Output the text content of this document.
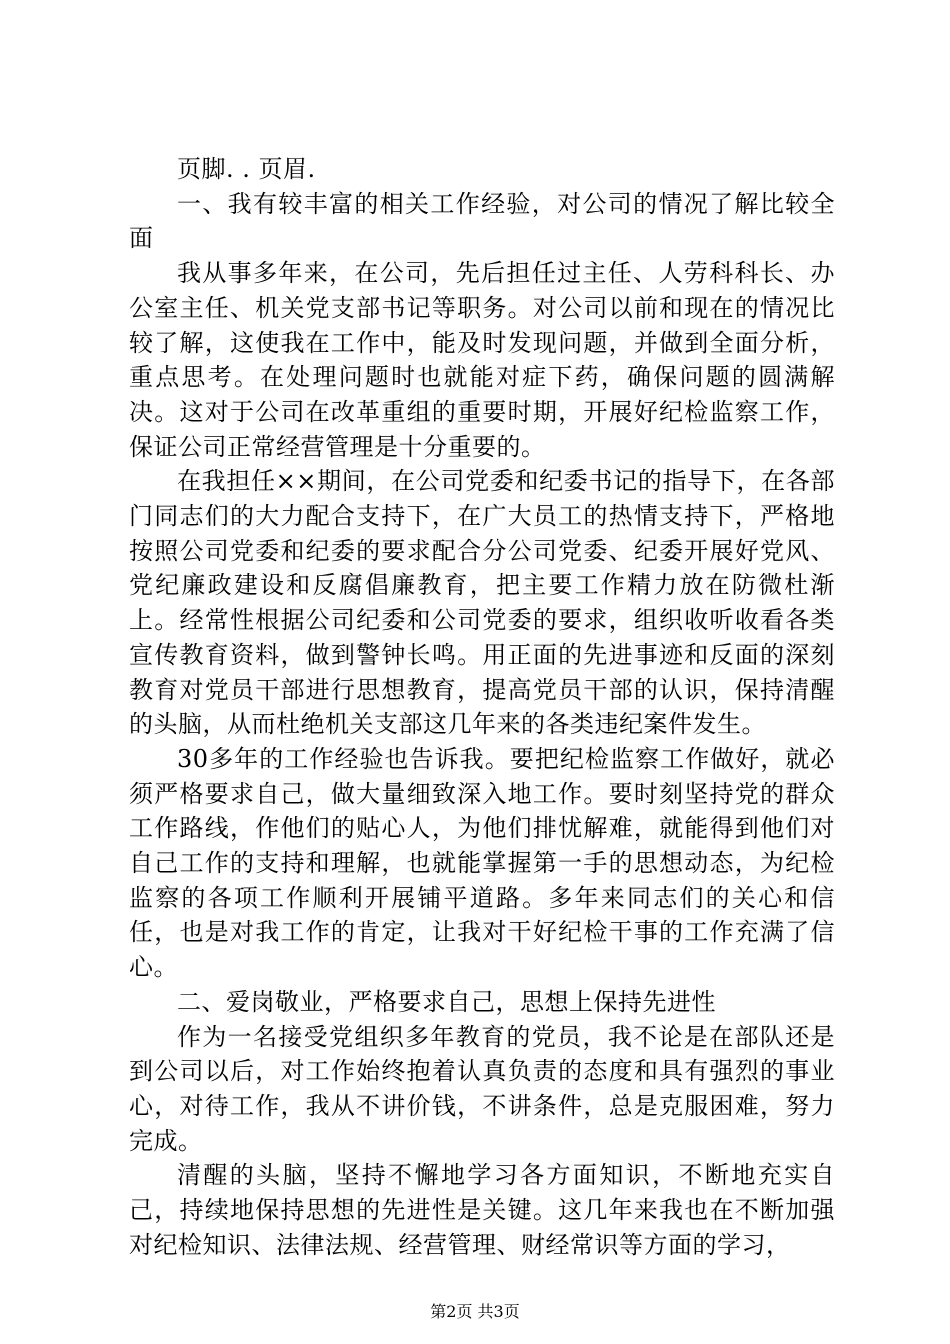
页脚. . 页眉.

一、我有较丰富的相关工作经验，对公司的情况了解比较全面

我从事多年来，在公司，先后担任过主任、人劳科科长、办公室主任、机关党支部书记等职务。对公司以前和现在的情况比较了解，这使我在工作中，能及时发现问题，并做到全面分析，重点思考。在处理问题时也就能对症下药，确保问题的圆满解决。这对于公司在改革重组的重要时期，开展好纪检监察工作，保证公司正常经营管理是十分重要的。

在我担任××期间，在公司党委和纪委书记的指导下，在各部门同志们的大力配合支持下，在广大员工的热情支持下，严格地按照公司党委和纪委的要求配合分公司党委、纪委开展好党风、党纪廉政建设和反腐倡廉教育，把主要工作精力放在防微杜渐上。经常性根据公司纪委和公司党委的要求，组织收听收看各类宣传教育资料，做到警钟长鸣。用正面的先进事迹和反面的深刻教育对党员干部进行思想教育，提高党员干部的认识，保持清醒的头脑，从而杜绝机关支部这几年来的各类违纪案件发生。

30多年的工作经验也告诉我。要把纪检监察工作做好，就必须严格要求自己，做大量细致深入地工作。要时刻坚持党的群众工作路线，作他们的贴心人，为他们排忧解难，就能得到他们对自己工作的支持和理解，也就能掌握第一手的思想动态，为纪检监察的各项工作顺利开展铺平道路。多年来同志们的关心和信任，也是对我工作的肯定，让我对干好纪检干事的工作充满了信心。

二、爱岗敬业，严格要求自己，思想上保持先进性

作为一名接受党组织多年教育的党员，我不论是在部队还是到公司以后，对工作始终抱着认真负责的态度和具有强烈的事业心，对待工作，我从不讲价钱，不讲条件，总是克服困难，努力完成。

清醒的头脑，坚持不懈地学习各方面知识，不断地充实自己，持续地保持思想的先进性是关键。这几年来我也在不断加强对纪检知识、法律法规、经营管理、财经常识等方面的学习，

第2页 共3页
